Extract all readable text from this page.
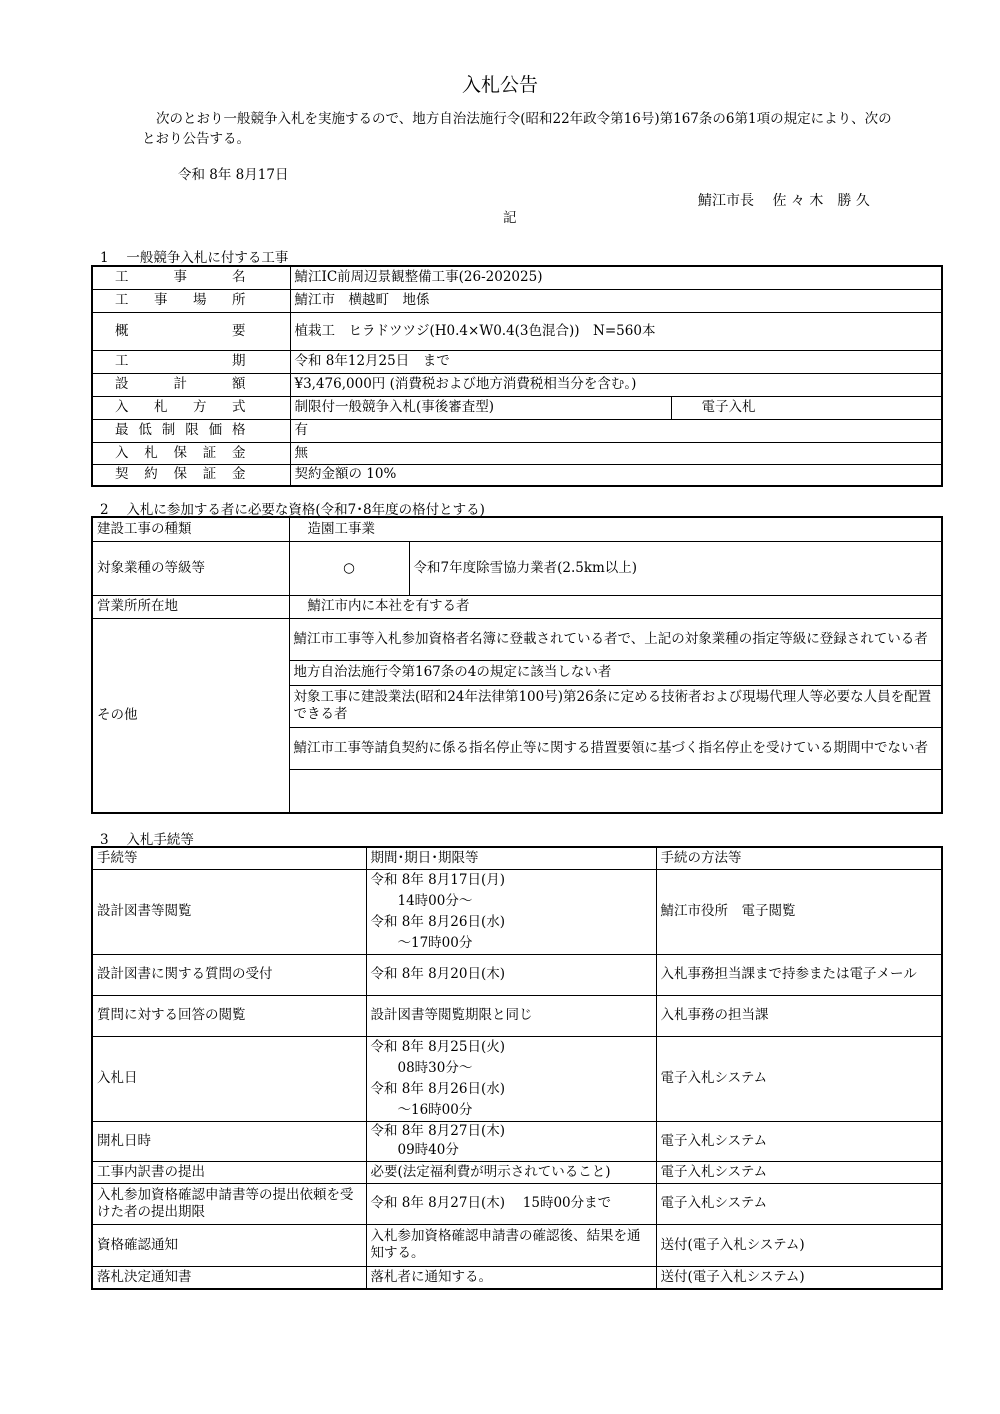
入札公告
次のとおり一般競争入札を実施するので、地方自治法施行令(昭和22年政令第16号)第167条の6第1項の規定により、次のとおり公告する。
令和 8年 8月17日
鯖江市長　 佐 々 木　勝 久
記
1　 一般競争入札に付する工事
工事名	鯖江IC前周辺景観整備工事(26-202025)	
工事場所	鯖江市　横越町　地係	
概要	植栽工　ヒラドツツジ(H0.4×W0.4(3色混合))　N=560本	
工期	令和 8年12月25日　まで	
設計額	¥3,476,000円 (消費税および地方消費税相当分を含む。)	
入札方式	制限付一般競争入札(事後審査型)	電子入札
最低制限価格	有	
入札保証金	無	
契約保証金	契約金額の 10%	
2　 入札に参加する者に必要な資格(令和7･8年度の格付とする)
建設工事の種類	造園工事業	
対象業種の等級等	○	令和7年度除雪協力業者(2.5km以上)
営業所所在地	鯖江市内に本社を有する者	
その他	鯖江市工事等入札参加資格者名簿に登載されている者で、上記の対象業種の指定等級に登録されている者	
	地方自治法施行令第167条の4の規定に該当しない者	
	対象工事に建設業法(昭和24年法律第100号)第26条に定める技術者および現場代理人等必要な人員を配置できる者	
	鯖江市工事等請負契約に係る指名停止等に関する措置要領に基づく指名停止を受けている期間中でない者	

3　 入札手続等
手続等	期間･期日･期限等	手続の方法等
設計図書等閲覧	令和 8年 8月17日(月)
　　14時00分～
令和 8年 8月26日(水)
　　～17時00分	鯖江市役所　電子閲覧
設計図書に関する質問の受付	令和 8年 8月20日(木)	入札事務担当課まで持参または電子メール
質問に対する回答の閲覧	設計図書等閲覧期限と同じ	入札事務の担当課
入札日	令和 8年 8月25日(火)
　　08時30分～
令和 8年 8月26日(水)
　　～16時00分	電子入札システム
開札日時	令和 8年 8月27日(木)
　　09時40分	電子入札システム
工事内訳書の提出	必要(法定福利費が明示されていること)	電子入札システム
入札参加資格確認申請書等の提出依頼を受けた者の提出期限	令和 8年 8月27日(木)　 15時00分まで	電子入札システム
資格確認通知	入札参加資格確認申請書の確認後、結果を通知する。	送付(電子入札システム)
落札決定通知書	落札者に通知する。	送付(電子入札システム)
